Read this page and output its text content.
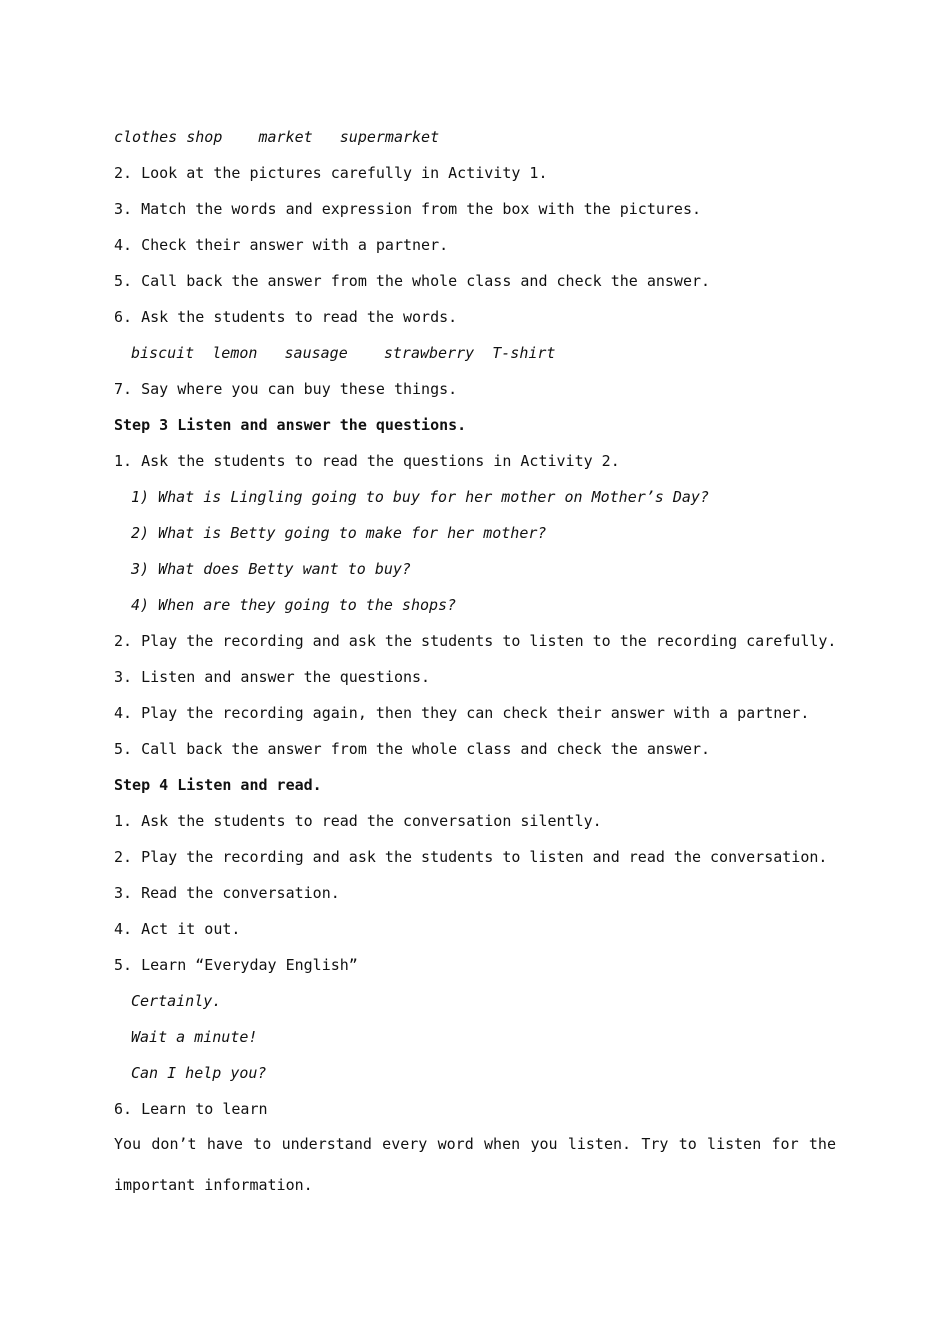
clothes shop    market   supermarket
2. Look at the pictures carefully in Activity 1.
3. Match the words and expression from the box with the pictures.
4. Check their answer with a partner.
5. Call back the answer from the whole class and check the answer.
6. Ask the students to read the words.
biscuit  lemon   sausage    strawberry  T-shirt
7. Say where you can buy these things.
Step 3 Listen and answer the questions.
1. Ask the students to read the questions in Activity 2.
1) What is Lingling going to buy for her mother on Mother’s Day?
2) What is Betty going to make for her mother?
3) What does Betty want to buy?
4) When are they going to the shops?
2. Play the recording and ask the students to listen to the recording carefully.
3. Listen and answer the questions.
4. Play the recording again, then they can check their answer with a partner.
5. Call back the answer from the whole class and check the answer.
Step 4 Listen and read.
1. Ask the students to read the conversation silently.
2. Play the recording and ask the students to listen and read the conversation.
3. Read the conversation.
4. Act it out.
5. Learn “Everyday English”
Certainly.
Wait a minute!
Can I help you?
6. Learn to learn
You don’t have to understand every word when you listen. Try to listen for the
important information.
